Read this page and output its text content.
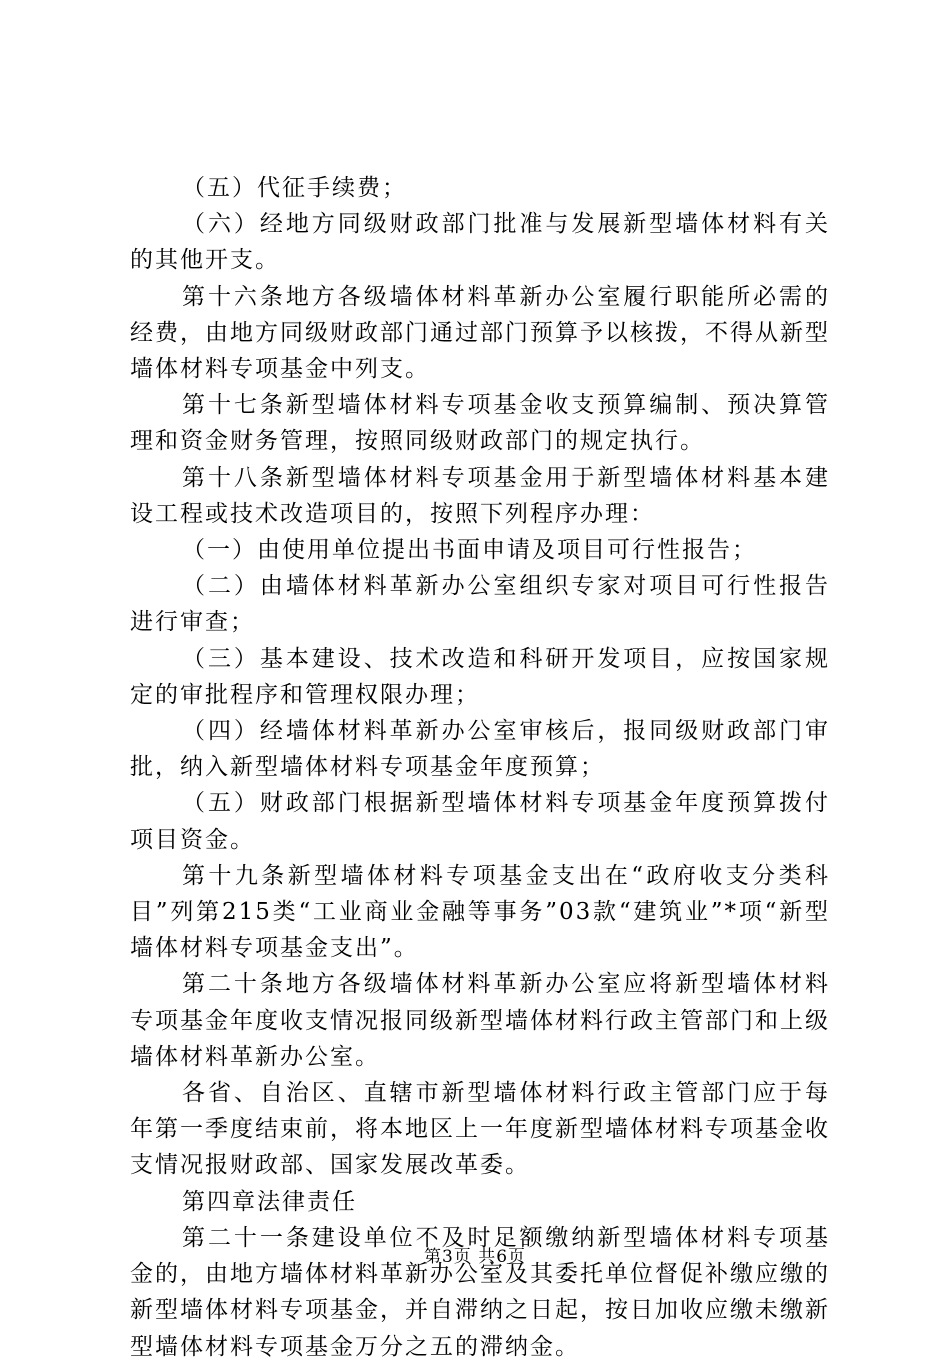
（五）代征手续费；

（六）经地方同级财政部门批准与发展新型墙体材料有关的其他开支。

第十六条地方各级墙体材料革新办公室履行职能所必需的经费，由地方同级财政部门通过部门预算予以核拨，不得从新型墙体材料专项基金中列支。

第十七条新型墙体材料专项基金收支预算编制、预决算管理和资金财务管理，按照同级财政部门的规定执行。

第十八条新型墙体材料专项基金用于新型墙体材料基本建设工程或技术改造项目的，按照下列程序办理：

（一）由使用单位提出书面申请及项目可行性报告；

（二）由墙体材料革新办公室组织专家对项目可行性报告进行审查；

（三）基本建设、技术改造和科研开发项目，应按国家规定的审批程序和管理权限办理；

（四）经墙体材料革新办公室审核后，报同级财政部门审批，纳入新型墙体材料专项基金年度预算；

（五）财政部门根据新型墙体材料专项基金年度预算拨付项目资金。

第十九条新型墙体材料专项基金支出在“政府收支分类科目”列第215类“工业商业金融等事务”03款“建筑业”*项“新型墙体材料专项基金支出”。

第二十条地方各级墙体材料革新办公室应将新型墙体材料专项基金年度收支情况报同级新型墙体材料行政主管部门和上级墙体材料革新办公室。

各省、自治区、直辖市新型墙体材料行政主管部门应于每年第一季度结束前，将本地区上一年度新型墙体材料专项基金收支情况报财政部、国家发展改革委。

第四章法律责任

第二十一条建设单位不及时足额缴纳新型墙体材料专项基金的，由地方墙体材料革新办公室及其委托单位督促补缴应缴的新型墙体材料专项基金，并自滞纳之日起，按日加收应缴未缴新型墙体材料专项基金万分之五的滞纳金。

第3页 共6页
